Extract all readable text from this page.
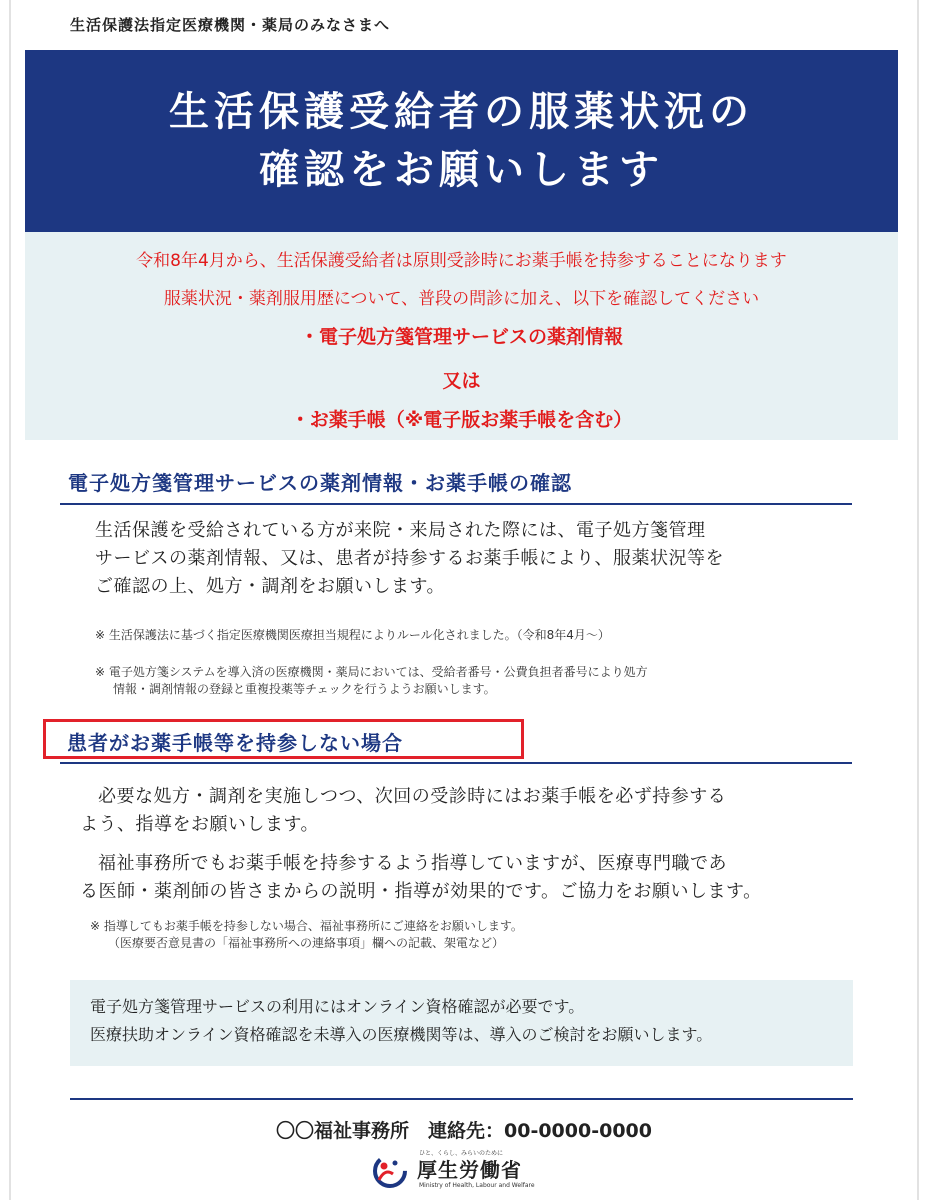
生活保護法指定医療機関・薬局のみなさまへ
生活保護受給者の服薬状況の
確認をお願いします
令和8年4月から、生活保護受給者は原則受診時にお薬手帳を持参することになります
服薬状況・薬剤服用歴について、普段の問診に加え、以下を確認してください
・電子処方箋管理サービスの薬剤情報
又は
・お薬手帳（※電子版お薬手帳を含む）
電子処方箋管理サービスの薬剤情報・お薬手帳の確認
生活保護を受給されている方が来院・来局された際には、電子処方箋管理
サービスの薬剤情報、又は、患者が持参するお薬手帳により、服薬状況等を
ご確認の上、処方・調剤をお願いします。
※ 生活保護法に基づく指定医療機関医療担当規程によりルール化されました。（令和8年4月～）
※ 電子処方箋システムを導入済の医療機関・薬局においては、受給者番号・公費負担者番号により処方
情報・調剤情報の登録と重複投薬等チェックを行うようお願いします。
患者がお薬手帳等を持参しない場合
必要な処方・調剤を実施しつつ、次回の受診時にはお薬手帳を必ず持参する
よう、指導をお願いします。
福祉事務所でもお薬手帳を持参するよう指導していますが、医療専門職であ
る医師・薬剤師の皆さまからの説明・指導が効果的です。ご協力をお願いします。
※ 指導してもお薬手帳を持参しない場合、福祉事務所にご連絡をお願いします。
（医療要否意見書の「福祉事務所への連絡事項」欄への記載、架電など）
電子処方箋管理サービスの利用にはオンライン資格確認が必要です。
医療扶助オンライン資格確認を未導入の医療機関等は、導入のご検討をお願いします。
〇〇福祉事務所　連絡先：00-0000-0000
ひと、くらし、みらいのために
厚生労働省
Ministry of Health, Labour and Welfare
